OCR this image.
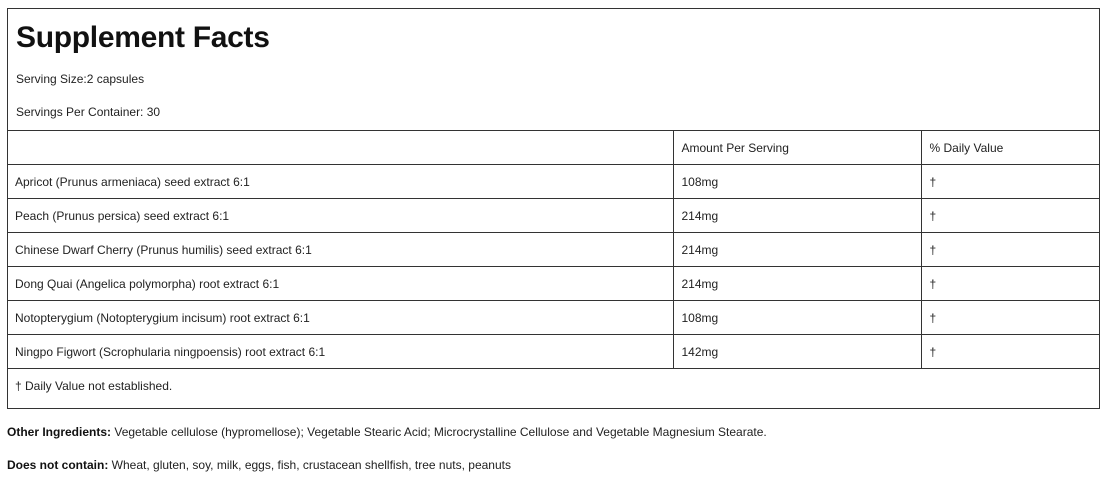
Supplement Facts
Serving Size:2 capsules
Servings Per Container: 30
	Amount Per Serving	% Daily Value
Apricot (Prunus armeniaca) seed extract 6:1	108mg	†
Peach (Prunus persica) seed extract 6:1	214mg	†
Chinese Dwarf Cherry (Prunus humilis) seed extract 6:1	214mg	†
Dong Quai (Angelica polymorpha) root extract 6:1	214mg	†
Notopterygium (Notopterygium incisum) root extract 6:1	108mg	†
Ningpo Figwort (Scrophularia ningpoensis) root extract 6:1	142mg	†
† Daily Value not established.		
Other Ingredients: Vegetable cellulose (hypromellose); Vegetable Stearic Acid; Microcrystalline Cellulose and Vegetable Magnesium Stearate.
Does not contain: Wheat, gluten, soy, milk, eggs, fish, crustacean shellfish, tree nuts, peanuts
